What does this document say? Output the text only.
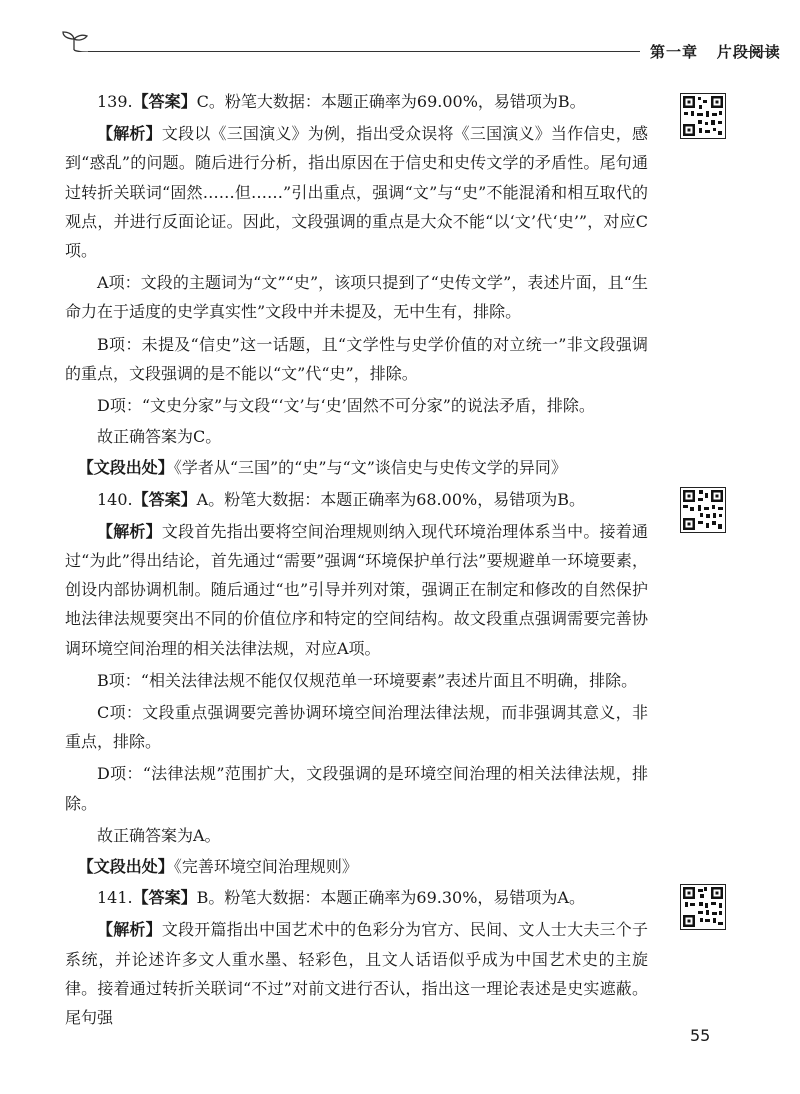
第一章 片段阅读

139.【答案】C。粉笔大数据：本题正确率为69.00%，易错项为B。

【解析】文段以《三国演义》为例，指出受众误将《三国演义》当作信史，感到“惑乱”的问题。随后进行分析，指出原因在于信史和史传文学的矛盾性。尾句通过转折关联词“固然……但……”引出重点，强调“文”与“史”不能混淆和相互取代的观点，并进行反面论证。因此，文段强调的重点是大众不能“以‘文’代‘史’”，对应C项。

A项：文段的主题词为“文”“史”，该项只提到了“史传文学”，表述片面，且“生命力在于适度的史学真实性”文段中并未提及，无中生有，排除。

B项：未提及“信史”这一话题，且“文学性与史学价值的对立统一”非文段强调的重点，文段强调的是不能以“文”代“史”，排除。

D项：“文史分家”与文段“‘文’与‘史’固然不可分家”的说法矛盾，排除。

故正确答案为C。

【文段出处】《学者从“三国”的“史”与“文”谈信史与史传文学的异同》

140.【答案】A。粉笔大数据：本题正确率为68.00%，易错项为B。

【解析】文段首先指出要将空间治理规则纳入现代环境治理体系当中。接着通过“为此”得出结论，首先通过“需要”强调“环境保护单行法”要规避单一环境要素，创设内部协调机制。随后通过“也”引导并列对策，强调正在制定和修改的自然保护地法律法规要突出不同的价值位序和特定的空间结构。故文段重点强调需要完善协调环境空间治理的相关法律法规，对应A项。

B项：“相关法律法规不能仅仅规范单一环境要素”表述片面且不明确，排除。

C项：文段重点强调要完善协调环境空间治理法律法规，而非强调其意义，非重点，排除。

D项：“法律法规”范围扩大，文段强调的是环境空间治理的相关法律法规，排除。

故正确答案为A。

【文段出处】《完善环境空间治理规则》

141.【答案】B。粉笔大数据：本题正确率为69.30%，易错项为A。

【解析】文段开篇指出中国艺术中的色彩分为官方、民间、文人士大夫三个子系统，并论述许多文人重水墨、轻彩色，且文人话语似乎成为中国艺术史的主旋律。接着通过转折关联词“不过”对前文进行否认，指出这一理论表述是史实遮蔽。尾句强

55
